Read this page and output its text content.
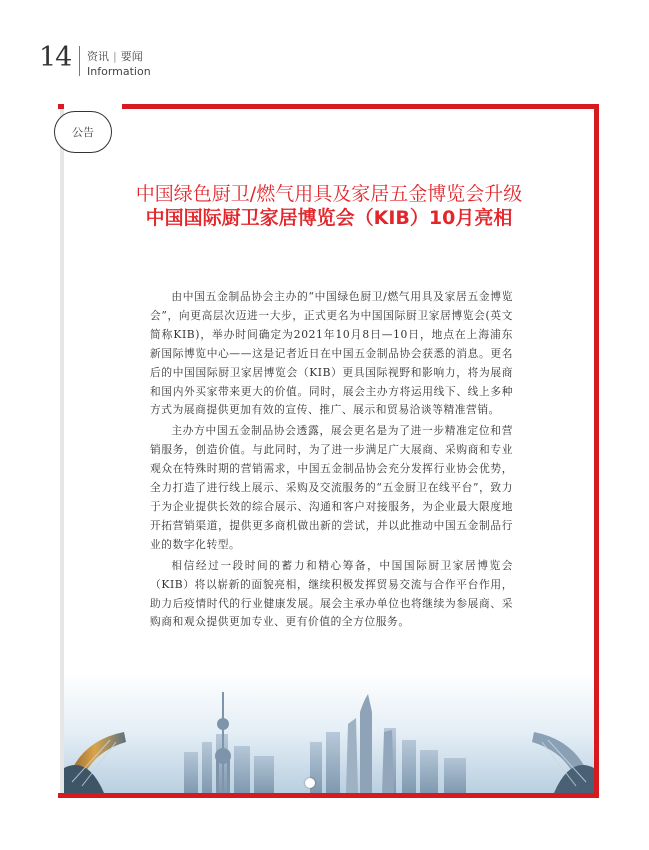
14 资讯 | 要闻
Information
公告
中国绿色厨卫/燃气用具及家居五金博览会升级
中国国际厨卫家居博览会（KIB）10月亮相

由中国五金制品协会主办的“中国绿色厨卫/燃气用具及家居五金博览会”，向更高层次迈进一大步，正式更名为中国国际厨卫家居博览会(英文简称KIB)，举办时间确定为2021年10月8日—10日，地点在上海浦东新国际博览中心——这是记者近日在中国五金制品协会获悉的消息。更名后的中国国际厨卫家居博览会（KIB）更具国际视野和影响力，将为展商和国内外买家带来更大的价值。同时，展会主办方将运用线下、线上多种方式为展商提供更加有效的宣传、推广、展示和贸易洽谈等精准营销。

主办方中国五金制品协会透露，展会更名是为了进一步精准定位和营销服务，创造价值。与此同时，为了进一步满足广大展商、采购商和专业观众在特殊时期的营销需求，中国五金制品协会充分发挥行业协会优势，全力打造了进行线上展示、采购及交流服务的“五金厨卫在线平台”，致力于为企业提供长效的综合展示、沟通和客户对接服务，为企业最大限度地开拓营销渠道，提供更多商机做出新的尝试，并以此推动中国五金制品行业的数字化转型。

相信经过一段时间的蓄力和精心筹备，中国国际厨卫家居博览会（KIB）将以崭新的面貌亮相，继续积极发挥贸易交流与合作平台作用，助力后疫情时代的行业健康发展。展会主承办单位也将继续为参展商、采购商和观众提供更加专业、更有价值的全方位服务。
